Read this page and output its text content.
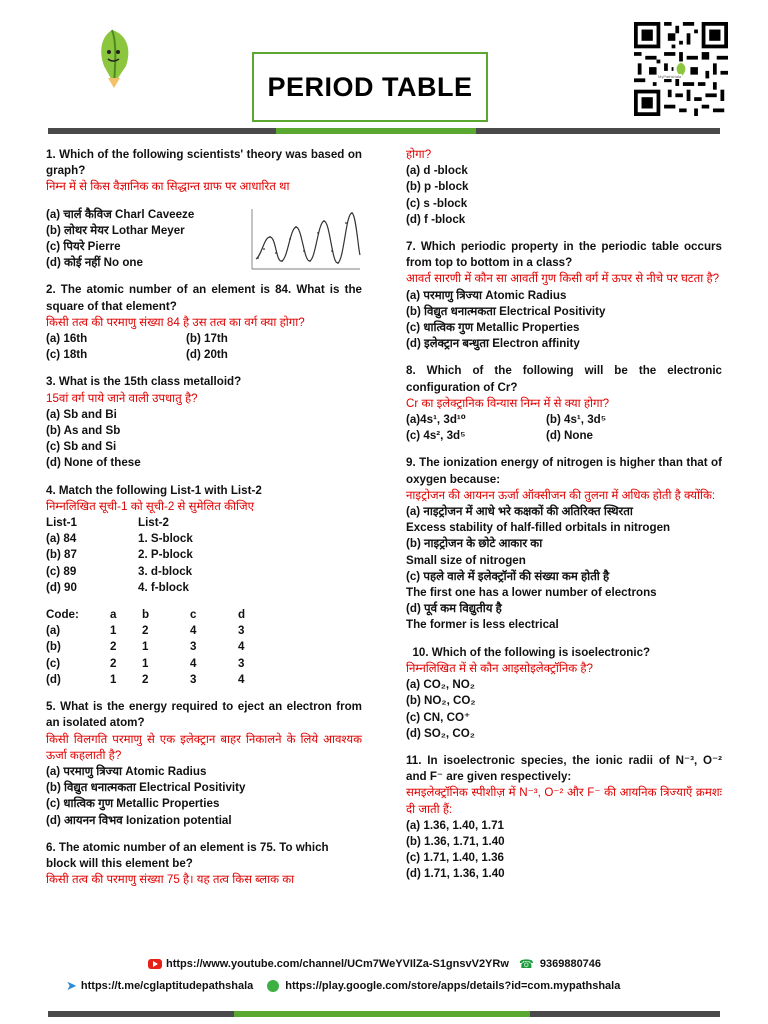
PERIOD TABLE	MyPathshala
1. Which of the following scientists' theory was based on graph?
निम्न में से किस वैज्ञानिक का सिद्धान्त ग्राफ पर आधारित था
(a) चार्ल कैविज Charl Caveeze
(b) लोथर मेयर Lothar Meyer
(c) पियरे Pierre
(d) कोई नहीं No one
2. The atomic number of an element is 84. What is the square of that element?
किसी तत्व की परमाणु संख्या 84 है उस तत्व का वर्ग क्या होगा?
(a) 16th	(b) 17th
(c) 18th	(d) 20th
3. What is the 15th class metalloid?
15वां वर्ग पाये जाने वाली उपधातु है?
(a) Sb and Bi
(b) As and Sb
(c) Sb and Si
(d) None of these
4. Match the following List-1 with List-2
निम्नलिखित सूची-1 को सूची-2 से सुमेलित कीजिए
List-1	List-2
(a) 84	1. S-block
(b) 87	2. P-block
(c) 89	3. d-block
(d) 90	4. f-block
Code:	a	b	c	d
(a)	1	2	4	3
(b)	2	1	3	4
(c)	2	1	4	3
(d)	1	2	3	4
5. What is the energy required to eject an electron from an isolated atom?
किसी विलगति परमाणु से एक इलेक्ट्रान बाहर निकालने के लिये आवश्यक ऊर्जा कहलाती है?
(a) परमाणु त्रिज्या Atomic Radius
(b) विद्युत धनात्मकता Electrical Positivity
(c) धात्विक गुण Metallic Properties
(d) आयनन विभव Ionization potential
6. The atomic number of an element is 75. To which block will this element be?
किसी तत्व की परमाणु संख्या 75 है। यह तत्व किस ब्लाक का
होगा?
(a) d -block
(b) p -block
(c) s -block
(d) f -block
7. Which periodic property in the periodic table occurs from top to bottom in a class?
आवर्त सारणी में कौन सा आवर्ती गुण किसी वर्ग में ऊपर से नीचे पर घटता है?
(a) परमाणु त्रिज्या Atomic Radius
(b) विद्युत धनात्मकता Electrical Positivity
(c) धात्विक गुण Metallic Properties
(d) इलेक्ट्रान बन्धुता Electron affinity
8. Which of the following will be the electronic configuration of Cr?
Cr का इलेक्ट्रानिक विन्यास निम्न में से क्या होगा?
(a)4s¹, 3d¹⁰	(b) 4s¹, 3d⁵
(c) 4s², 3d⁵	(d) None
9. The ionization energy of nitrogen is higher than that of oxygen because:
नाइट्रोजन की आयनन ऊर्जा ऑक्सीजन की तुलना में अधिक होती है क्योंकि:
(a) नाइट्रोजन में आधे भरे कक्षकों की अतिरिक्त स्थिरता
Excess stability of half-filled orbitals in nitrogen
(b) नाइट्रोजन के छोटे आकार का
Small size of nitrogen
(c) पहले वाले में इलेक्ट्रॉनों की संख्या कम होती है
The first one has a lower number of electrons
(d) पूर्व कम विद्युतीय है
The former is less electrical
10. Which of the following is isoelectronic?
निम्नलिखित में से कौन आइसोइलेक्ट्रॉनिक है?
(a) CO₂, NO₂
(b) NO₂, CO₂
(c) CN, CO⁺
(d) SO₂, CO₂
11. In isoelectronic species, the ionic radii of N⁻³, O⁻² and F⁻ are given respectively:
समइलेक्ट्रॉनिक स्पीशीज़ में N⁻³, O⁻² और F⁻ की आयनिक त्रिज्याएँ क्रमशः दी जाती हैं:
(a) 1.36, 1.40, 1.71
(b) 1.36, 1.71, 1.40
(c) 1.71, 1.40, 1.36
(d) 1.71, 1.36, 1.40
https://www.youtube.com/channel/UCm7WeYVIlZa-S1gnsvV2YRw ☎ 9369880746
➤ https://t.me/cglaptitudepathshala	https://play.google.com/store/apps/details?id=com.mypathshala
